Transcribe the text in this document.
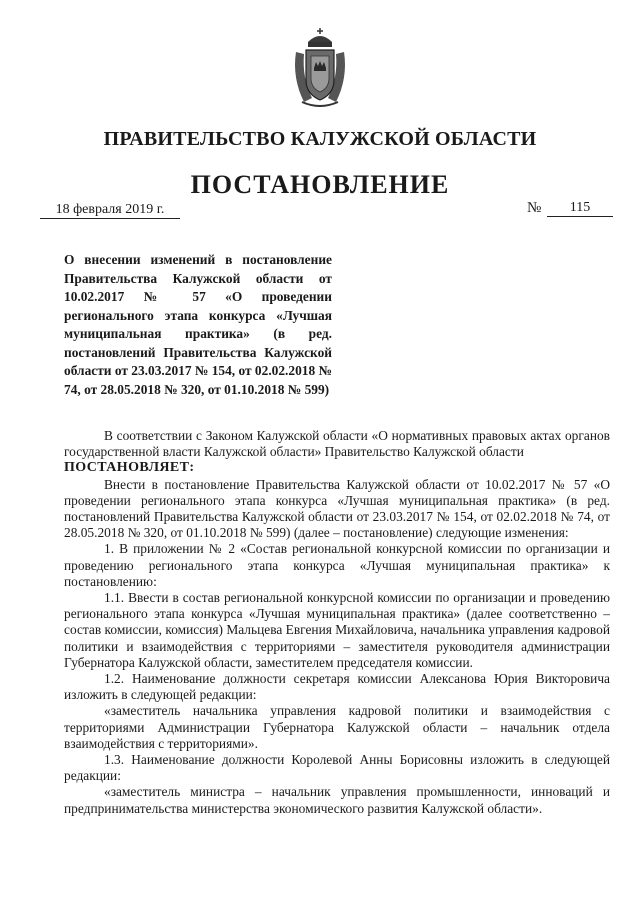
ПРАВИТЕЛЬСТВО КАЛУЖСКОЙ ОБЛАСТИ
ПОСТАНОВЛЕНИЕ
18 февраля 2019 г.	№	115
О внесении изменений в постановление Правительства Калужской области от 10.02.2017 № 57 «О проведении регионального этапа конкурса «Лучшая муниципальная практика» (в ред. постановлений Правительства Калужской области от 23.03.2017 № 154, от 02.02.2018 № 74, от 28.05.2018 № 320, от 01.10.2018 № 599)

В соответствии с Законом Калужской области «О нормативных правовых актах органов государственной власти Калужской области» Правительство Калужской области

ПОСТАНОВЛЯЕТ:

Внести в постановление Правительства Калужской области от 10.02.2017 № 57 «О проведении регионального этапа конкурса «Лучшая муниципальная практика» (в ред. постановлений Правительства Калужской области от 23.03.2017 № 154, от 02.02.2018 № 74, от 28.05.2018 № 320, от 01.10.2018 № 599) (далее – постановление) следующие изменения:

1. В приложении № 2 «Состав региональной конкурсной комиссии по организации и проведению регионального этапа конкурса «Лучшая муниципальная практика» к постановлению:

1.1. Ввести в состав региональной конкурсной комиссии по организации и проведению регионального этапа конкурса «Лучшая муниципальная практика» (далее соответственно – состав комиссии, комиссия) Мальцева Евгения Михайловича, начальника управления кадровой политики и взаимодействия с территориями – заместителя руководителя администрации Губернатора Калужской области, заместителем председателя комиссии.

1.2. Наименование должности секретаря комиссии Алексанова Юрия Викторовича изложить в следующей редакции:

«заместитель начальника управления кадровой политики и взаимодействия с территориями Администрации Губернатора Калужской области – начальник отдела взаимодействия с территориями».

1.3. Наименование должности Королевой Анны Борисовны изложить в следующей редакции:

«заместитель министра – начальник управления промышленности, инноваций и предпринимательства министерства экономического развития Калужской области».
